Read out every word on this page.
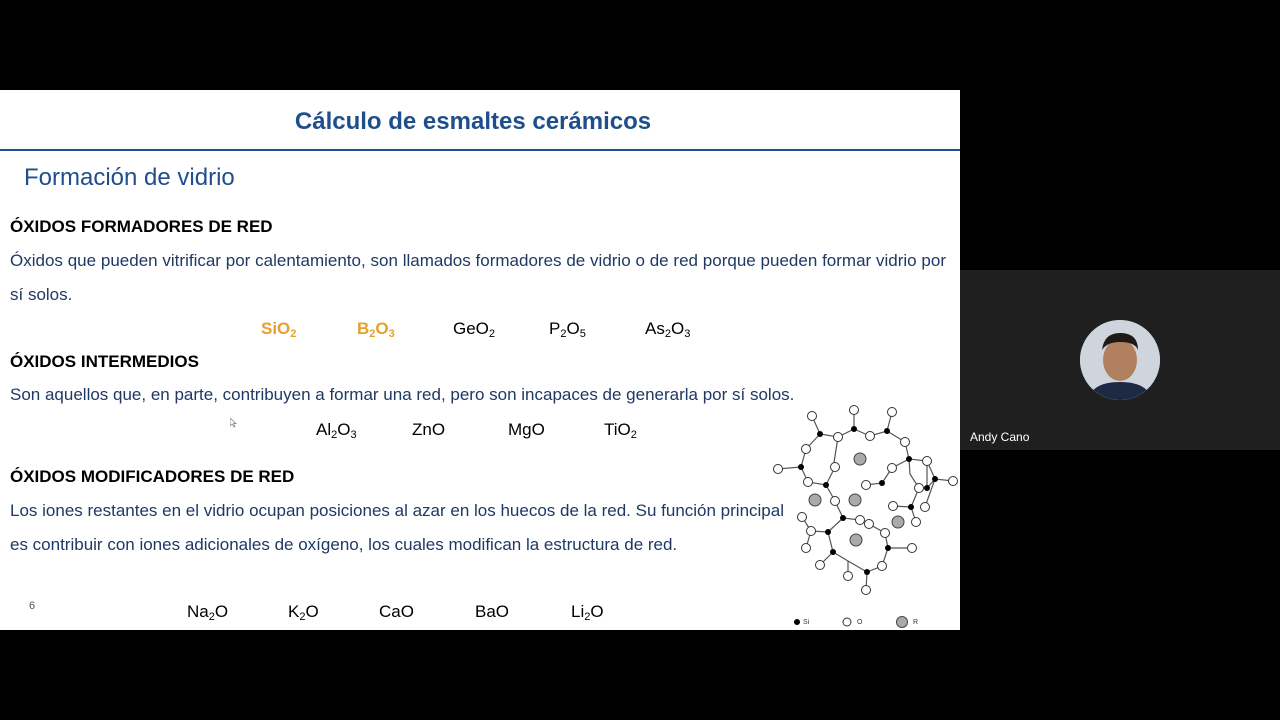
Cálculo de esmaltes cerámicos
Formación de vidrio
ÓXIDOS FORMADORES DE RED
Óxidos que pueden vitrificar por calentamiento, son llamados formadores de vidrio o de red porque pueden formar vidrio por sí solos.
SiO$_2$	$B_2O_3$	GeO$_2$	$P_2O_5$	$As_2O_3$
ÓXIDOS INTERMEDIOS
Son aquellos que, en parte, contribuyen a formar una red, pero son incapaces de generarla por sí solos.
$Al_2O_3$	ZnO	MgO	TiO$_2$
ÓXIDOS MODIFICADORES DE RED
Los iones restantes en el vidrio ocupan posiciones al azar en los huecos de la red. Su función principal es contribuir con iones adicionales de oxígeno, los cuales modifican la estructura de red.
$Na_2O$	$K_2O$	CaO	BaO	$Li_2O$
6
Si	O	R
Andy Cano
